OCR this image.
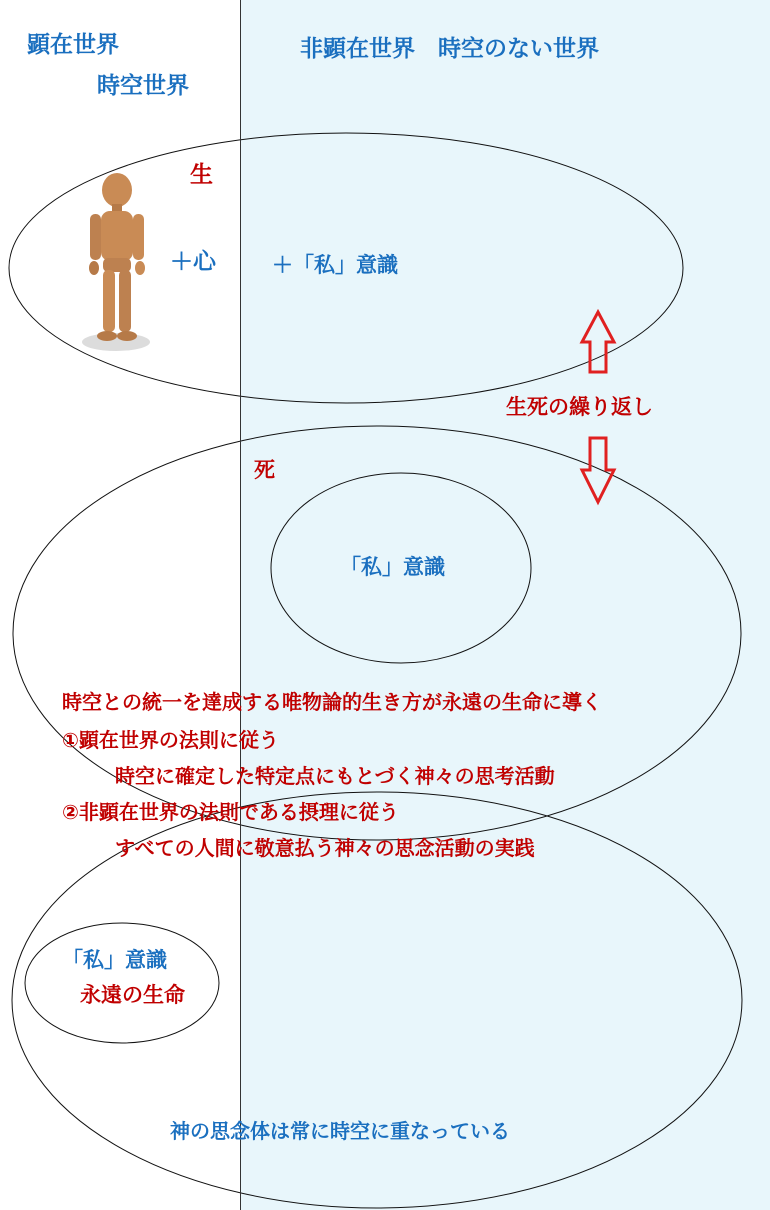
顕在世界
時空世界
非顕在世界　時空のない世界
生
＋心	＋「私」意識
生死の繰り返し
死
「私」意識
時空との統一を達成する唯物論的生き方が永遠の生命に導く
①顕在世界の法則に従う
時空に確定した特定点にもとづく神々の思考活動
②非顕在世界の法則である摂理に従う
すべての人間に敬意払う神々の思念活動の実践
「私」意識
永遠の生命
神の思念体は常に時空に重なっている
